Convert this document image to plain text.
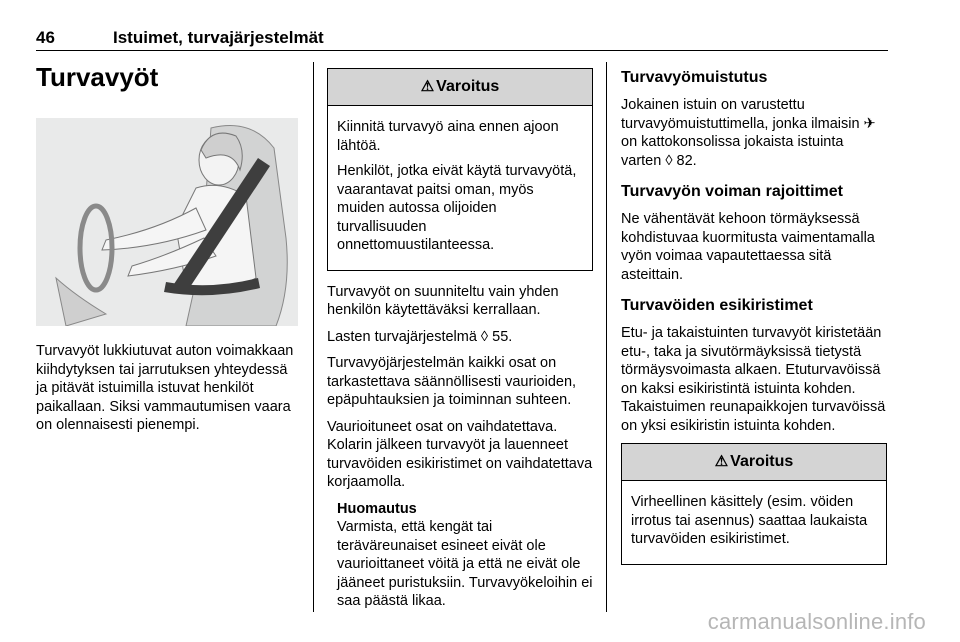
46	Istuimet, turvajärjestelmät
Turvavyöt

Turvavyöt lukkiutuvat auton voimakkaan kiihdytyksen tai jarrutuksen yhteydessä ja pitävät istuimilla istuvat henkilöt paikallaan. Siksi vammautumisen vaara on olennaisesti pienempi.

⚠ Varoitus

Kiinnitä turvavyö aina ennen ajoon lähtöä.

Henkilöt, jotka eivät käytä turvavyötä, vaarantavat paitsi oman, myös muiden autossa olijoiden turvallisuuden onnettomuustilanteessa.

Turvavyöt on suunniteltu vain yhden henkilön käytettäväksi kerrallaan.

Lasten turvajärjestelmä ◊ 55.

Turvavyöjärjestelmän kaikki osat on tarkastettava säännöllisesti vaurioiden, epäpuhtauksien ja toiminnan suhteen.

Vaurioituneet osat on vaihdatettava. Kolarin jälkeen turvavyöt ja lauenneet turvavöiden esikiristimet on vaihdatettava korjaamolla.

Huomautus
Varmista, että kengät tai teräväreunaiset esineet eivät ole vaurioittaneet vöitä ja että ne eivät ole jääneet puristuksiin. Turvavyökeloihin ei saa päästä likaa.
Turvavyömuistutus

Jokainen istuin on varustettu turvavyömuistuttimella, jonka ilmaisin ✈ on kattokonsolissa jokaista istuinta varten ◊ 82.

Turvavyön voiman rajoittimet

Ne vähentävät kehoon törmäyksessä kohdistuvaa kuormitusta vaimentamalla vyön voimaa vapautettaessa sitä asteittain.

Turvavöiden esikiristimet

Etu- ja takaistuinten turvavyöt kiristetään etu-, taka ja sivutörmäyksissä tietystä törmäysvoimasta alkaen. Etuturvavöissä on kaksi esikiristintä istuinta kohden. Takaistuimen reunapaikkojen turvavöissä on yksi esikiristin istuinta kohden.

⚠ Varoitus

Virheellinen käsittely (esim. vöiden irrotus tai asennus) saattaa laukaista turvavöiden esikiristimet.

carmanualsonline.info
